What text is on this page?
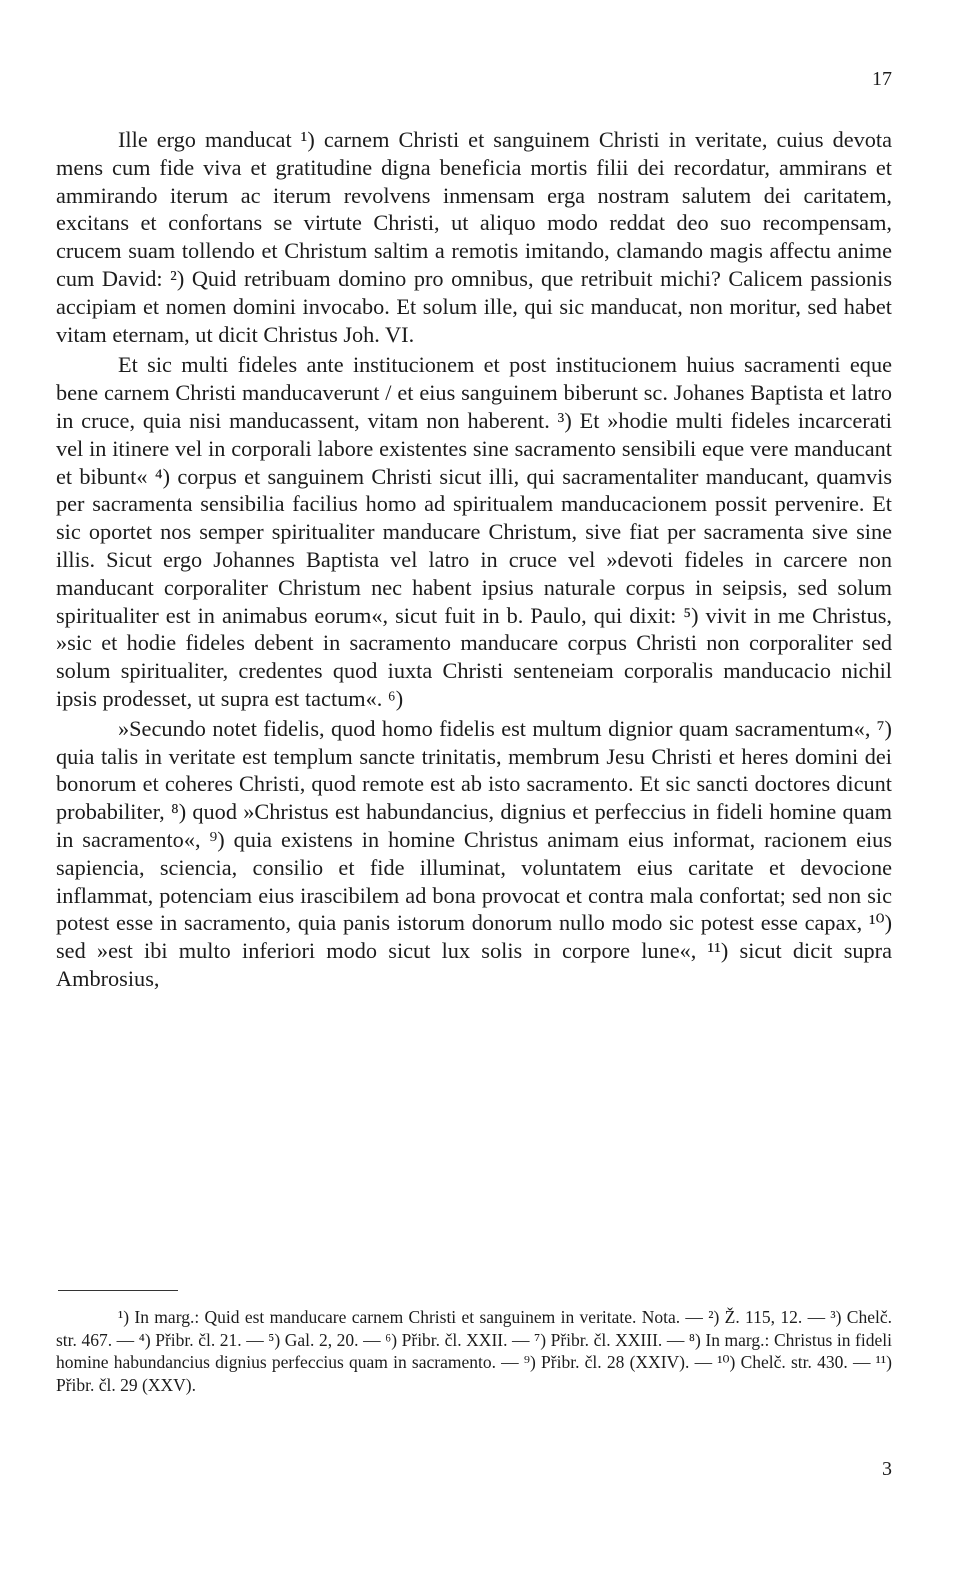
17

Ille ergo manducat ¹) carnem Christi et sanguinem Christi in veritate, cuius devota mens cum fide viva et gratitudine digna beneficia mortis filii dei recordatur, ammirans et ammirando iterum ac iterum revolvens inmensam erga nostram salutem dei caritatem, excitans et confortans se virtute Christi, ut aliquo modo reddat deo suo recompensam, crucem suam tollendo et Christum saltim a remotis imitando, clamando magis affectu anime cum David: ²) Quid retribuam domino pro omnibus, que retribuit michi? Calicem passionis accipiam et nomen domini invocabo. Et solum ille, qui sic manducat, non moritur, sed habet vitam eternam, ut dicit Christus Joh. VI.

Et sic multi fideles ante institucionem et post institucionem huius sacramenti eque bene carnem Christi manducaverunt / et eius sanguinem biberunt sc. Johanes Baptista et latro in cruce, quia nisi manducassent, vitam non haberent. ³) Et »hodie multi fideles incarcerati vel in itinere vel in corporali labore existentes sine sacramento sensibili eque vere manducant et bibunt« ⁴) corpus et sanguinem Christi sicut illi, qui sacramentaliter manducant, quamvis per sacramenta sensibilia facilius homo ad spiritualem manducacionem possit pervenire. Et sic oportet nos semper spiritualiter manducare Christum, sive fiat per sacramenta sive sine illis. Sicut ergo Johannes Baptista vel latro in cruce vel »devoti fideles in carcere non manducant corporaliter Christum nec habent ipsius naturale corpus in seipsis, sed solum spiritualiter est in animabus eorum«, sicut fuit in b. Paulo, qui dixit: ⁵) vivit in me Christus, »sic et hodie fideles debent in sacramento manducare corpus Christi non corporaliter sed solum spiritualiter, credentes quod iuxta Christi senteneiam corporalis manducacio nichil ipsis prodesset, ut supra est tactum«. ⁶)

»Secundo notet fidelis, quod homo fidelis est multum dignior quam sacramentum«, ⁷) quia talis in veritate est templum sancte trinitatis, membrum Jesu Christi et heres domini dei bonorum et coheres Christi, quod remote est ab isto sacramento. Et sic sancti doctores dicunt probabiliter, ⁸) quod »Christus est habundancius, dignius et perfeccius in fideli homine quam in sacramento«, ⁹) quia existens in homine Christus animam eius informat, racionem eius sapiencia, sciencia, consilio et fide illuminat, voluntatem eius caritate et devocione inflammat, potenciam eius irascibilem ad bona provocat et contra mala confortat; sed non sic potest esse in sacramento, quia panis istorum donorum nullo modo sic potest esse capax, ¹⁰) sed »est ibi multo inferiori modo sicut lux solis in corpore lune«, ¹¹) sicut dicit supra Ambrosius,

¹) In marg.: Quid est manducare carnem Christi et sanguinem in veritate. Nota. — ²) Ž. 115, 12. — ³) Chelč. str. 467. — ⁴) Přibr. čl. 21. — ⁵) Gal. 2, 20. — ⁶) Přibr. čl. XXII. — ⁷) Přibr. čl. XXIII. — ⁸) In marg.: Christus in fideli homine habundancius dignius perfeccius quam in sacramento. — ⁹) Přibr. čl. 28 (XXIV). — ¹⁰) Chelč. str. 430. — ¹¹) Přibr. čl. 29 (XXV).

3
